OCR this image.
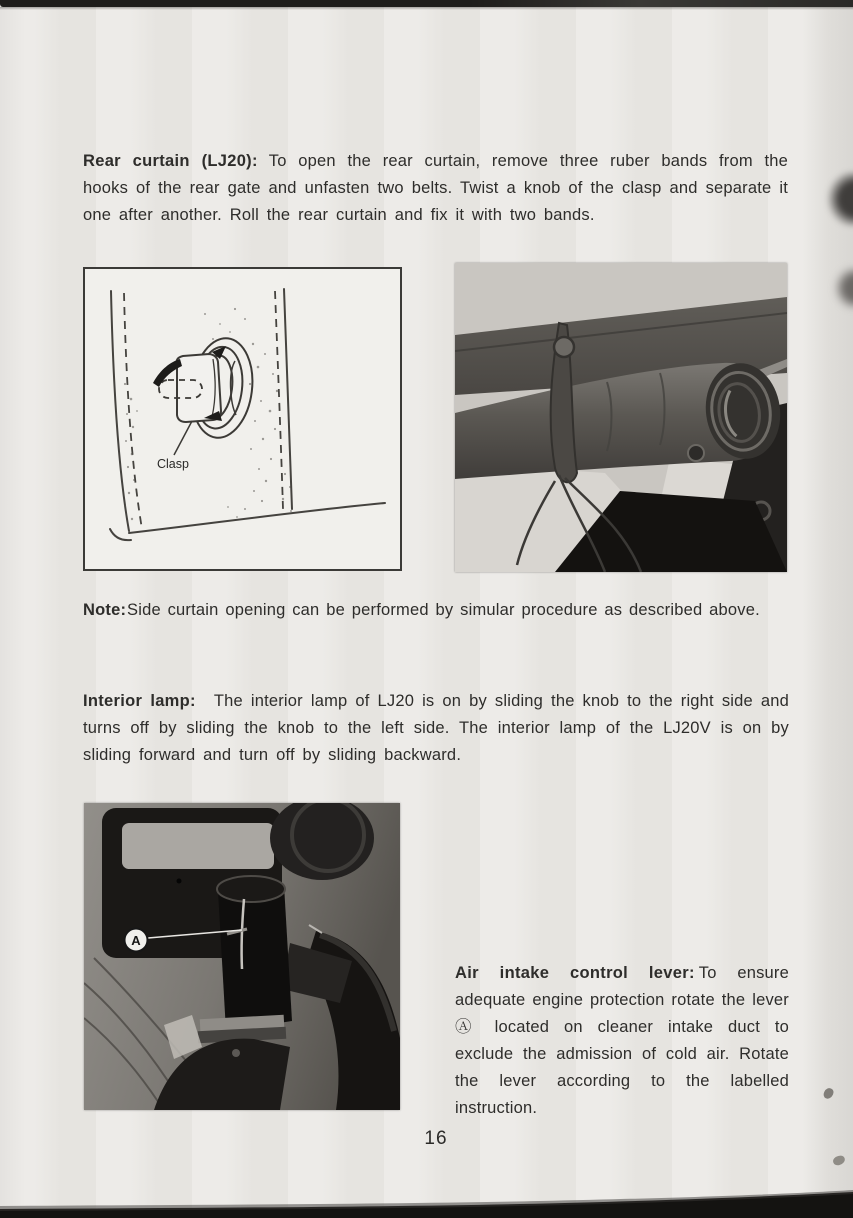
Rear curtain (LJ20): To open the rear curtain, remove three ruber bands from the hooks of the rear gate and unfasten two belts. Twist a knob of the clasp and separate it one after another. Roll the rear curtain and fix it with two bands.

Clasp
Note: Side curtain opening can be performed by simular procedure as described above.

Interior lamp: The interior lamp of LJ20 is on by sliding the knob to the right side and turns off by sliding the knob to the left side. The interior lamp of the LJ20V is on by sliding forward and turn off by sliding backward.

A

Air intake control lever: To ensure adequate engine protection rotate the lever Ⓐ located on cleaner intake duct to exclude the admission of cold air. Rotate the lever according to the labelled instruction.

16
